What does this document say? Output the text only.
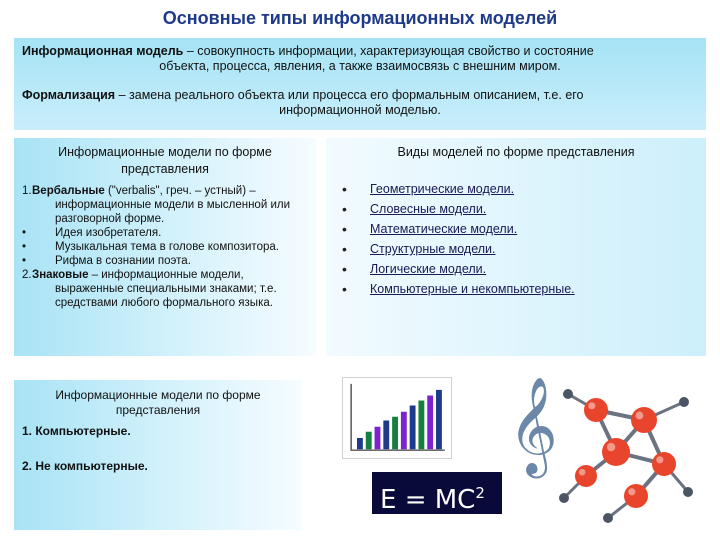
Основные типы информационных моделей
Информационная модель – совокупность информации, характеризующая свойство и состояние
объекта, процесса, явления, а также взаимосвязь с внешним миром.
Формализация – замена реального объекта или процесса его формальным описанием, т.е. его
информационной моделью.
Информационные модели по форме представления
1.Вербальные ("verbalis", греч. – устный) – информационные модели в мысленной или разговорной форме.
•	Идея изобретателя.
•	Музыкальная тема в голове композитора.
•	Рифма в сознании поэта.
2.Знаковые – информационные модели, выраженные специальными знаками; т.е. средствами любого формального языка.
Виды моделей по форме представления
•	Геометрические модели.
•	Словесные модели.
•	Математические модели.
•	Структурные модели.
•	Логические модели.
•	Компьютерные и некомпьютерные.
Информационные модели по форме представления
1. Компьютерные.
2. Не компьютерные.	𝄞
$E = MC^2$
